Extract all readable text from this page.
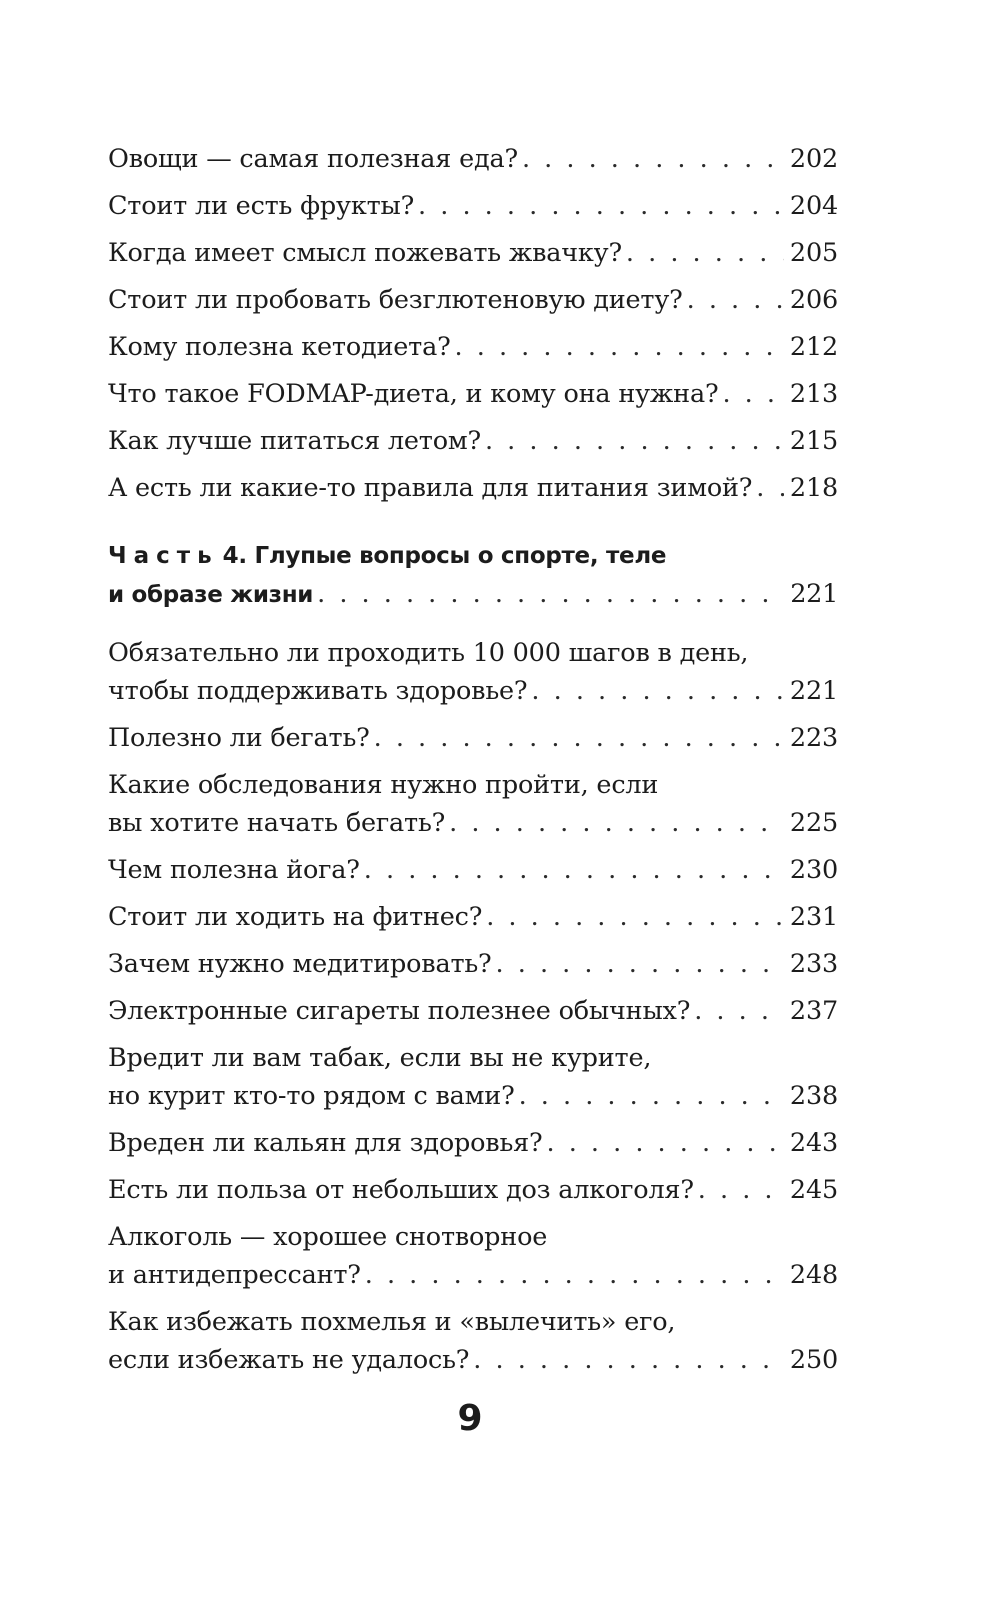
Овощи — самая полезная еда? . . .	202
Стоит ли есть фрукты? . . .	204
Когда имеет смысл пожевать жвачку? . . .	205
Стоит ли пробовать безглютеновую диету? . . .	206
Кому полезна кетодиета? . . .	212
Что такое FODMAP-диета, и кому она нужна? . . .	213
Как лучше питаться летом? . . .	215
А есть ли какие-то правила для питания зимой? . . . 218
Часть 4. Глупые вопросы о спорте, теле
и образе жизни . . .	221
Обязательно ли проходить 10 000 шагов в день,
чтобы поддерживать здоровье? . . .	221
Полезно ли бегать? . . .	223
Какие обследования нужно пройти, если
вы хотите начать бегать? . . .	225
Чем полезна йога? . . .	230
Стоит ли ходить на фитнес? . . .	231
Зачем нужно медитировать? . . .	233
Электронные сигареты полезнее обычных? . . .	237
Вредит ли вам табак, если вы не курите,
но курит кто-то рядом с вами? . . .	238
Вреден ли кальян для здоровья? . . .	243
Есть ли польза от небольших доз алкоголя? . . .	245
Алкоголь — хорошее снотворное
и антидепрессант? . . .	248
Как избежать похмелья и «вылечить» его,
если избежать не удалось? . . .	250
9
